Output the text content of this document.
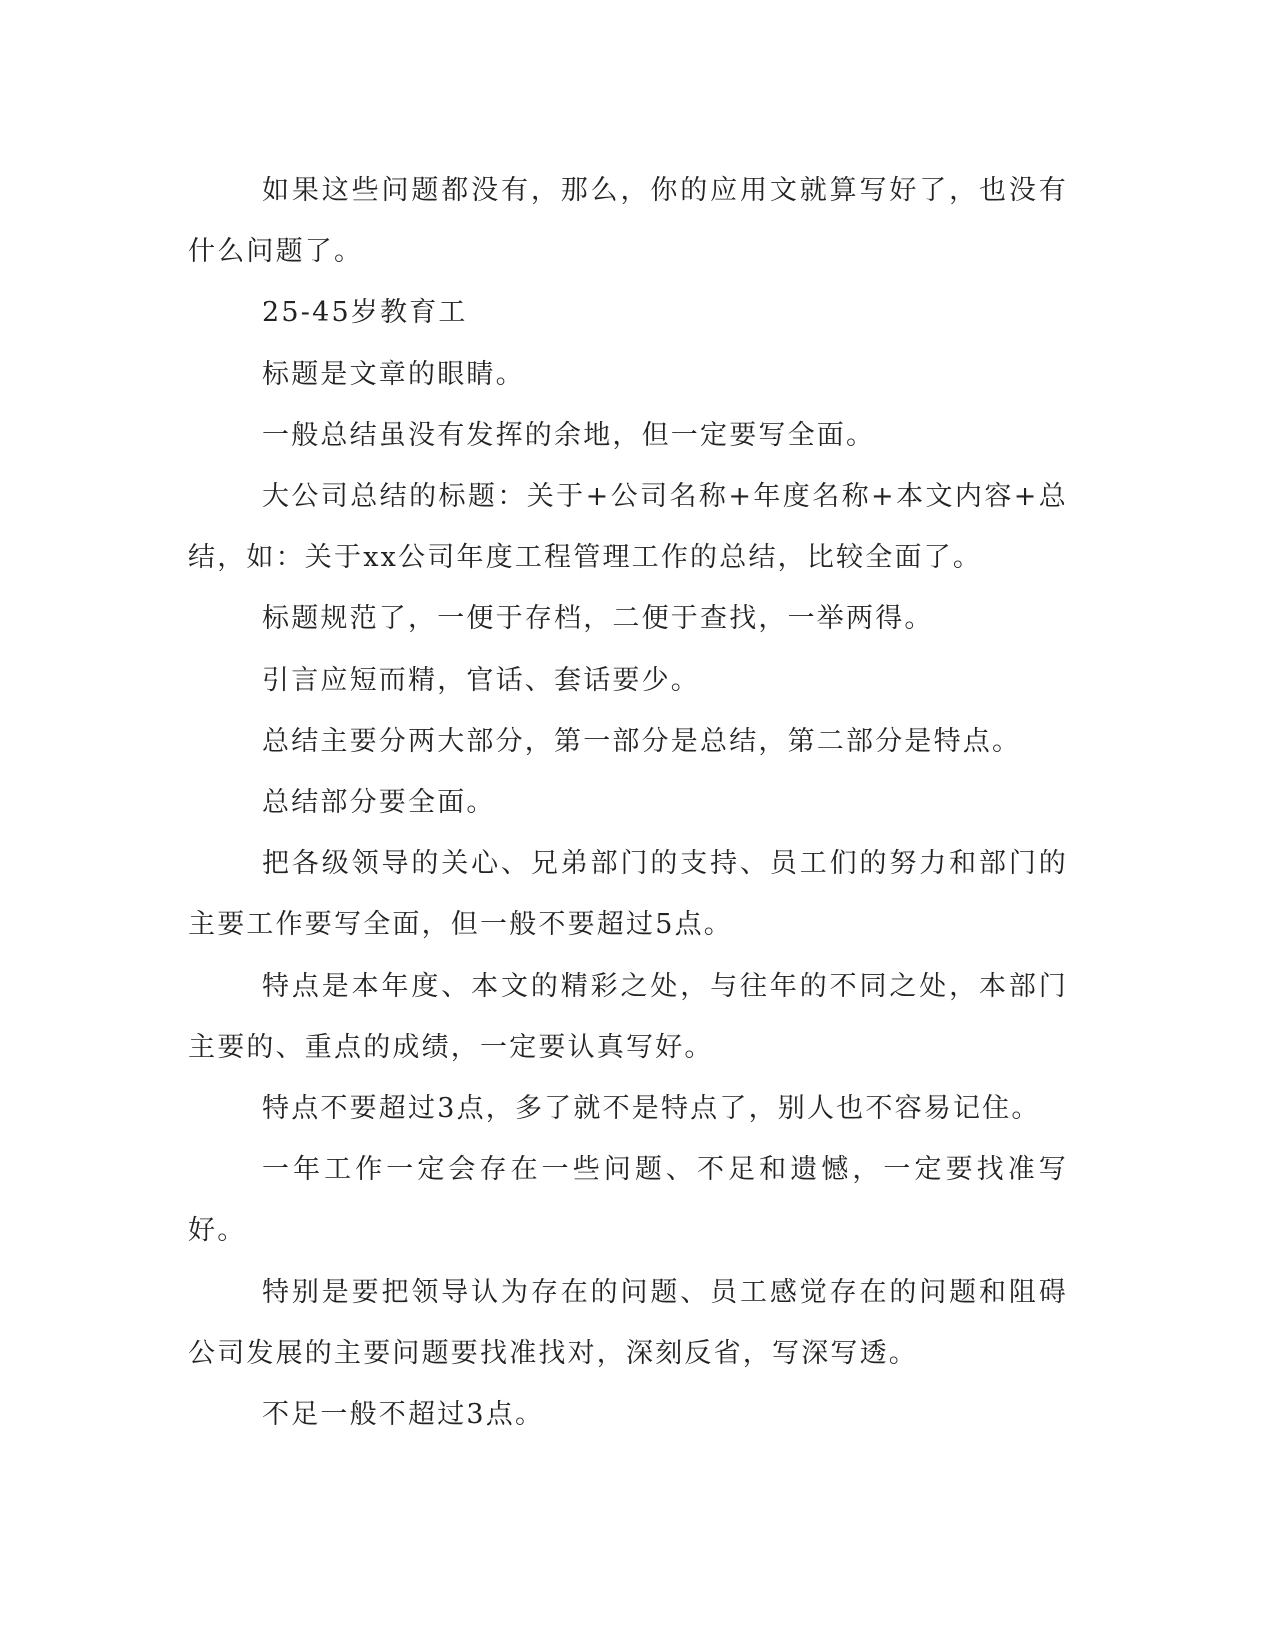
如果这些问题都没有，那么，你的应用文就算写好了，也没有什么问题了。

25-45岁教育工

标题是文章的眼睛。

一般总结虽没有发挥的余地，但一定要写全面。

大公司总结的标题：关于+公司名称+年度名称+本文内容+总结，如：关于xx公司年度工程管理工作的总结，比较全面了。

标题规范了，一便于存档，二便于查找，一举两得。

引言应短而精，官话、套话要少。

总结主要分两大部分，第一部分是总结，第二部分是特点。

总结部分要全面。

把各级领导的关心、兄弟部门的支持、员工们的努力和部门的主要工作要写全面，但一般不要超过5点。

特点是本年度、本文的精彩之处，与往年的不同之处，本部门主要的、重点的成绩，一定要认真写好。

特点不要超过3点，多了就不是特点了，别人也不容易记住。

一年工作一定会存在一些问题、不足和遗憾，一定要找准写好。

特别是要把领导认为存在的问题、员工感觉存在的问题和阻碍公司发展的主要问题要找准找对，深刻反省，写深写透。

不足一般不超过3点。
